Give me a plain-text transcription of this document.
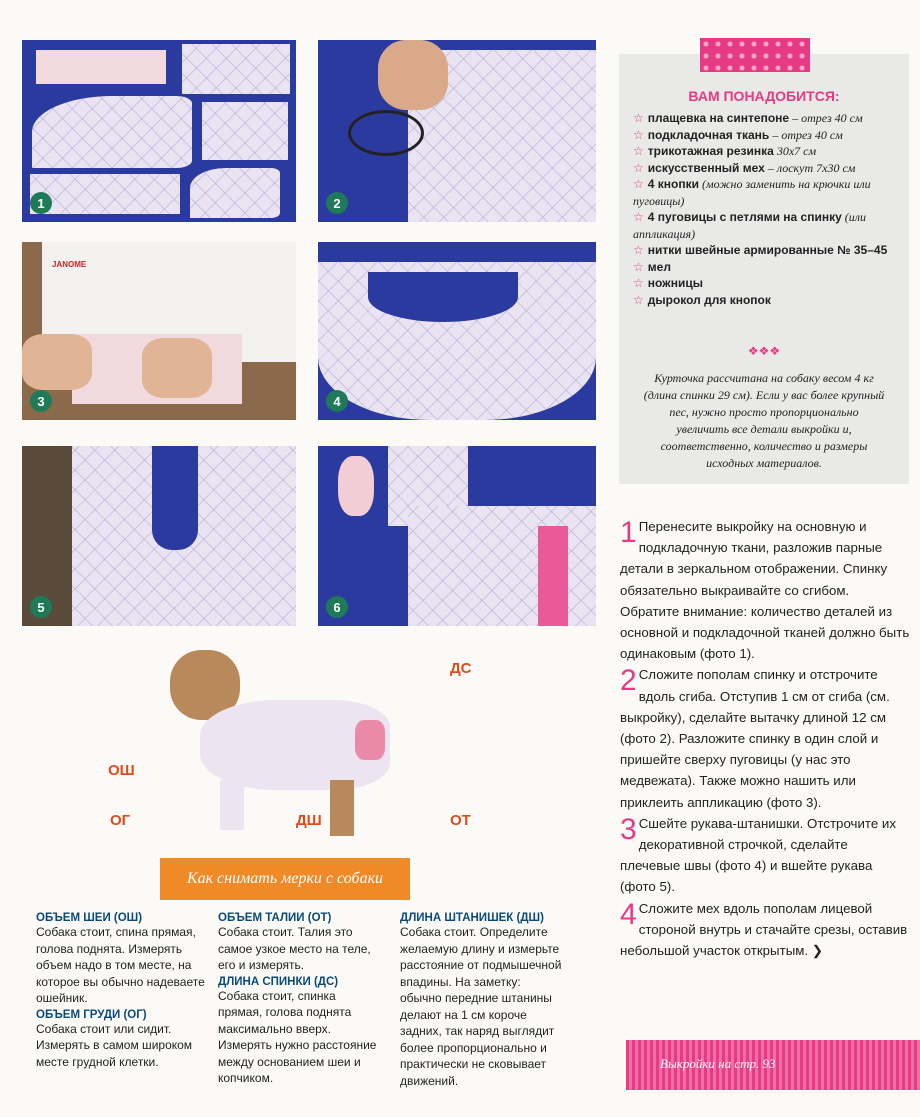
1	2
JANOME
3	4
5	6
ВАМ ПОНАДОБИТСЯ:

☆ плащевка на синтепоне – отрез 40 см

☆ подкладочная ткань – отрез 40 см

☆ трикотажная резинка 30х7 см

☆ искусственный мех – лоскут 7х30 см

☆ 4 кнопки (можно заменить на крючки или пуговицы)

☆ 4 пуговицы с петлями на спинку (или аппликация)

☆ нитки швейные армированные № 35–45

☆ мел

☆ ножницы

☆ дырокол для кнопок

❖❖❖
Курточка рассчитана на собаку весом 4 кг (длина спинки 29 см). Если у вас более крупный пес, нужно просто пропорционально увеличить все детали выкройки и, соответственно, количество и размеры исходных материалов.

1 Перенесите выкройку на основную и подкладочную ткани, разложив парные детали в зеркальном отображении. Спинку обязательно выкраивайте со сгибом. Обратите внимание: количество деталей из основной и подкладочной тканей должно быть одинаковым (фото 1).

2 Сложите пополам спинку и отстрочите вдоль сгиба. Отступив 1 см от сгиба (см. выкройку), сделайте вытачку длиной 12 см (фото 2). Разложите спинку в один слой и пришейте сверху пуговицы (у нас это медвежата). Также можно нашить или приклеить аппликацию (фото 3).

3 Сшейте рукава-штанишки. Отстрочите их декоративной строчкой, сделайте плечевые швы (фото 4) и вшейте рукава (фото 5).

4 Сложите мех вдоль пополам лицевой стороной внутрь и стачайте срезы, оставив небольшой участок открытым. ❯

ОШ
ОГ
ДС
ДШ	ОТ
Как снимать мерки с собаки
ОБЪЕМ ШЕИ (ОШ)

Собака стоит, спина прямая, голова поднята. Измерять объем надо в том месте, на которое вы обычно надеваете ошейник.

ОБЪЕМ ГРУДИ (ОГ)

Собака стоит или сидит. Измерять в самом широком месте грудной клетки.

ОБЪЕМ ТАЛИИ (ОТ)

Собака стоит. Талия это самое узкое место на теле, его и измерять.

ДЛИНА СПИНКИ (ДС)

Собака стоит, спинка прямая, голова поднята максимально вверх. Измерять нужно расстояние между основанием шеи и копчиком.

ДЛИНА ШТАНИШЕК (ДШ)

Собака стоит. Определите желаемую длину и измерьте расстояние от подмышечной впадины. На заметку: обычно передние штанины делают на 1 см короче задних, так наряд выглядит более пропорционально и практически не сковывает движений.

Выкройки на стр. 93
